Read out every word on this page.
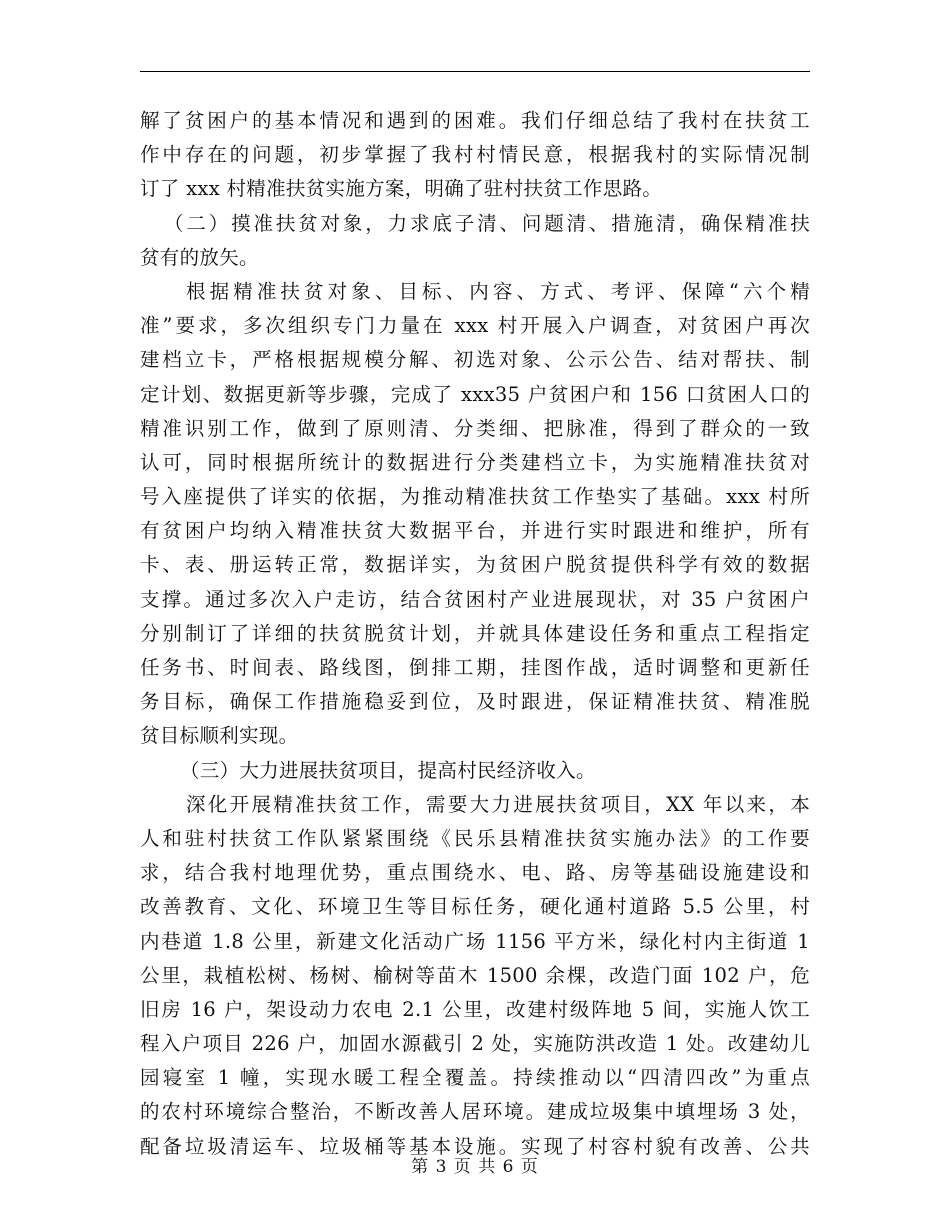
解了贫困户的基本情况和遇到的困难。我们仔细总结了我村在扶贫工
作中存在的问题，初步掌握了我村村情民意，根据我村的实际情况制
订了 xxx 村精准扶贫实施方案，明确了驻村扶贫工作思路。
（二）摸准扶贫对象，力求底子清、问题清、措施清，确保精准扶
贫有的放矢。
根据精准扶贫对象、目标、内容、方式、考评、保障“六个精
准”要求，多次组织专门力量在 xxx 村开展入户调查，对贫困户再次
建档立卡，严格根据规模分解、初选对象、公示公告、结对帮扶、制
定计划、数据更新等步骤，完成了 xxx35 户贫困户和 156 口贫困人口的
精准识别工作，做到了原则清、分类细、把脉准，得到了群众的一致
认可，同时根据所统计的数据进行分类建档立卡，为实施精准扶贫对
号入座提供了详实的依据，为推动精准扶贫工作垫实了基础。xxx 村所
有贫困户均纳入精准扶贫大数据平台，并进行实时跟进和维护，所有
卡、表、册运转正常，数据详实，为贫困户脱贫提供科学有效的数据
支撑。通过多次入户走访，结合贫困村产业进展现状，对 35 户贫困户
分别制订了详细的扶贫脱贫计划，并就具体建设任务和重点工程指定
任务书、时间表、路线图，倒排工期，挂图作战，适时调整和更新任
务目标，确保工作措施稳妥到位，及时跟进，保证精准扶贫、精准脱
贫目标顺利实现。
（三）大力进展扶贫项目，提高村民经济收入。
深化开展精准扶贫工作，需要大力进展扶贫项目，XX 年以来，本
人和驻村扶贫工作队紧紧围绕《民乐县精准扶贫实施办法》的工作要
求，结合我村地理优势，重点围绕水、电、路、房等基础设施建设和
改善教育、文化、环境卫生等目标任务，硬化通村道路 5.5 公里，村
内巷道 1.8 公里，新建文化活动广场 1156 平方米，绿化村内主街道 1
公里，栽植松树、杨树、榆树等苗木 1500 余棵，改造门面 102 户，危
旧房 16 户，架设动力农电 2.1 公里，改建村级阵地 5 间，实施人饮工
程入户项目 226 户，加固水源截引 2 处，实施防洪改造 1 处。改建幼儿
园寝室 1 幢，实现水暖工程全覆盖。持续推动以“四清四改”为重点
的农村环境综合整治，不断改善人居环境。建成垃圾集中填埋场 3 处，
配备垃圾清运车、垃圾桶等基本设施。实现了村容村貌有改善、公共
第 3 页 共 6 页
